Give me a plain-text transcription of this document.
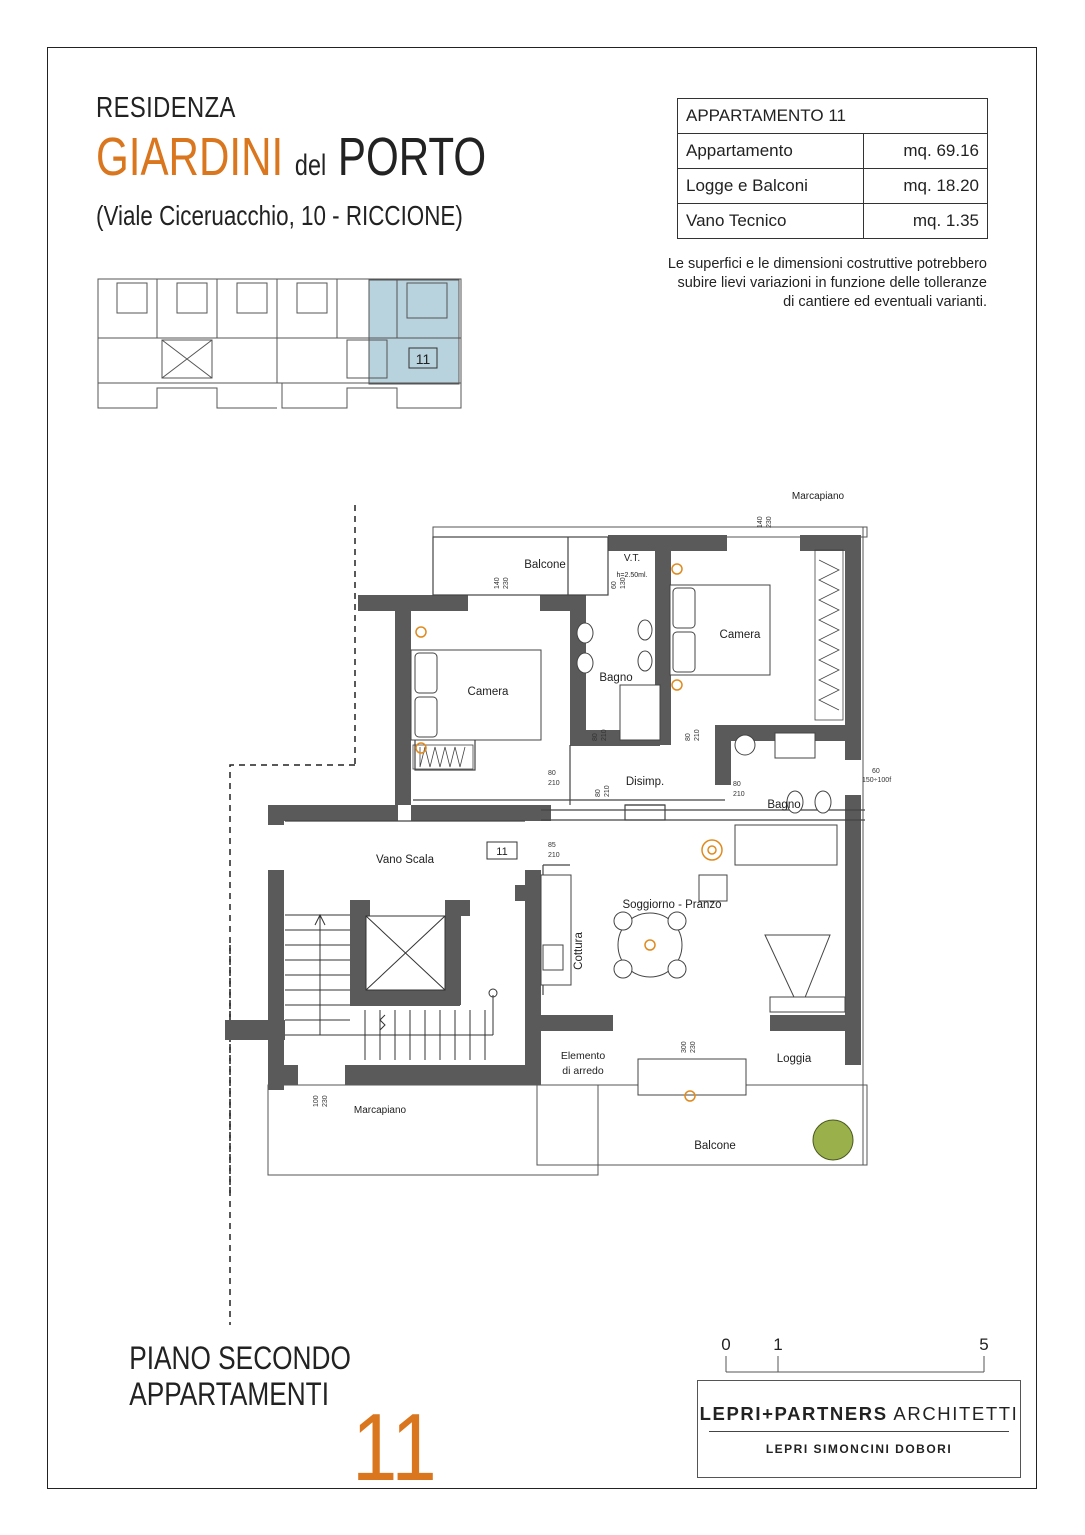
RESIDENZA
GIARDINI del PORTO
(Viale Ciceruacchio, 10 - RICCIONE)
APPARTAMENTO 11	
Appartamento	mq. 69.16
Logge e Balconi	mq. 18.20
Vano Tecnico	mq. 1.35
Le superfici e le dimensioni costruttive potrebbero
subire lievi variazioni in funzione delle tolleranze
di cantiere ed eventuali varianti.
11
Balcone
V.T.
h=2.50ml.
Marcapiano
Camera
Camera
Bagno
Bagno
Disimp.
Vano Scala
Soggiorno - Pranzo
Cottura
Loggia
Elemento
di arredo
Balcone
Marcapiano
11
140 230
140 230	60 130
80 210	80 210
80
210
80 210
80
210
60
150÷100f
85
210
300 230
100 230
PIANO SECONDO
APPARTAMENTI 11
0	1	5
LEPRI+PARTNERS ARCHITETTI
LEPRI SIMONCINI DOBORI
